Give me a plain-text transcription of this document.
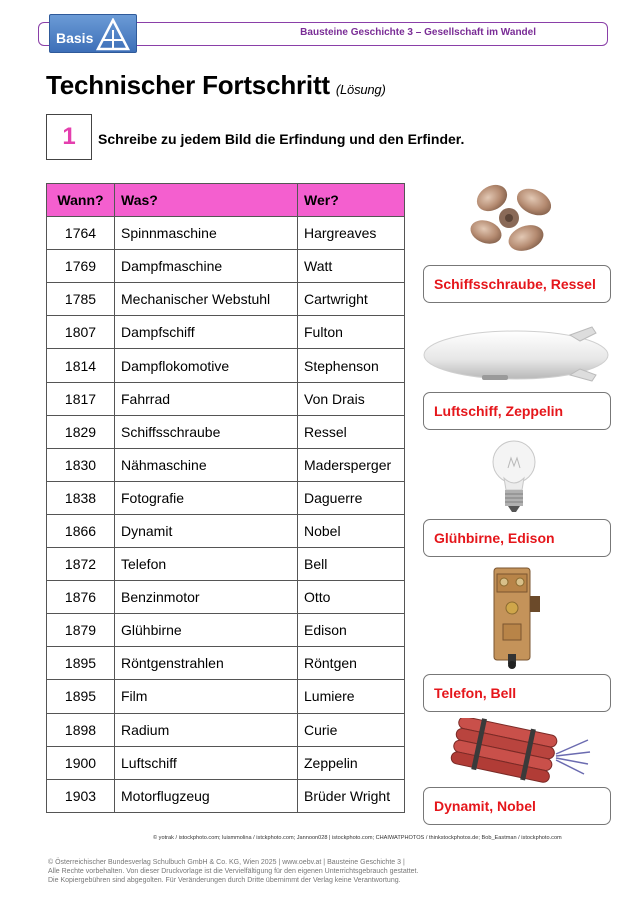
Bausteine Geschichte 3 – Gesellschaft im Wandel
Basis
Technischer Fortschritt (Lösung)
1 Schreibe zu jedem Bild die Erfindung und den Erfinder.
Wann?	Was?	Wer?
1764	Spinnmaschine	Hargreaves
1769	Dampfmaschine	Watt
1785	Mechanischer Webstuhl	Cartwright
1807	Dampfschiff	Fulton
1814	Dampflokomotive	Stephenson
1817	Fahrrad	Von Drais
1829	Schiffsschraube	Ressel
1830	Nähmaschine	Madersperger
1838	Fotografie	Daguerre
1866	Dynamit	Nobel
1872	Telefon	Bell
1876	Benzinmotor	Otto
1879	Glühbirne	Edison
1895	Röntgenstrahlen	Röntgen
1895	Film	Lumiere
1898	Radium	Curie
1900	Luftschiff	Zeppelin
1903	Motorflugzeug	Brüder Wright
Schiffsschraube, Ressel
Luftschiff, Zeppelin
Glühbirne, Edison
Telefon, Bell
Dynamit, Nobel
© yotrak / istockphoto.com; luismmolina / istckphoto.com; Jannoon028 | istockphoto.com; CHAIWATPHOTOS / thinkstockphotos.de; Bob_Eastman / istockphoto.com
© Österreichischer Bundesverlag Schulbuch GmbH & Co. KG, Wien 2025 | www.oebv.at | Bausteine Geschichte 3 |
Alle Rechte vorbehalten. Von dieser Druckvorlage ist die Vervielfältigung für den eigenen Unterrichtsgebrauch gestattet.
Die Kopiergebühren sind abgegolten. Für Veränderungen durch Dritte übernimmt der Verlag keine Verantwortung.
